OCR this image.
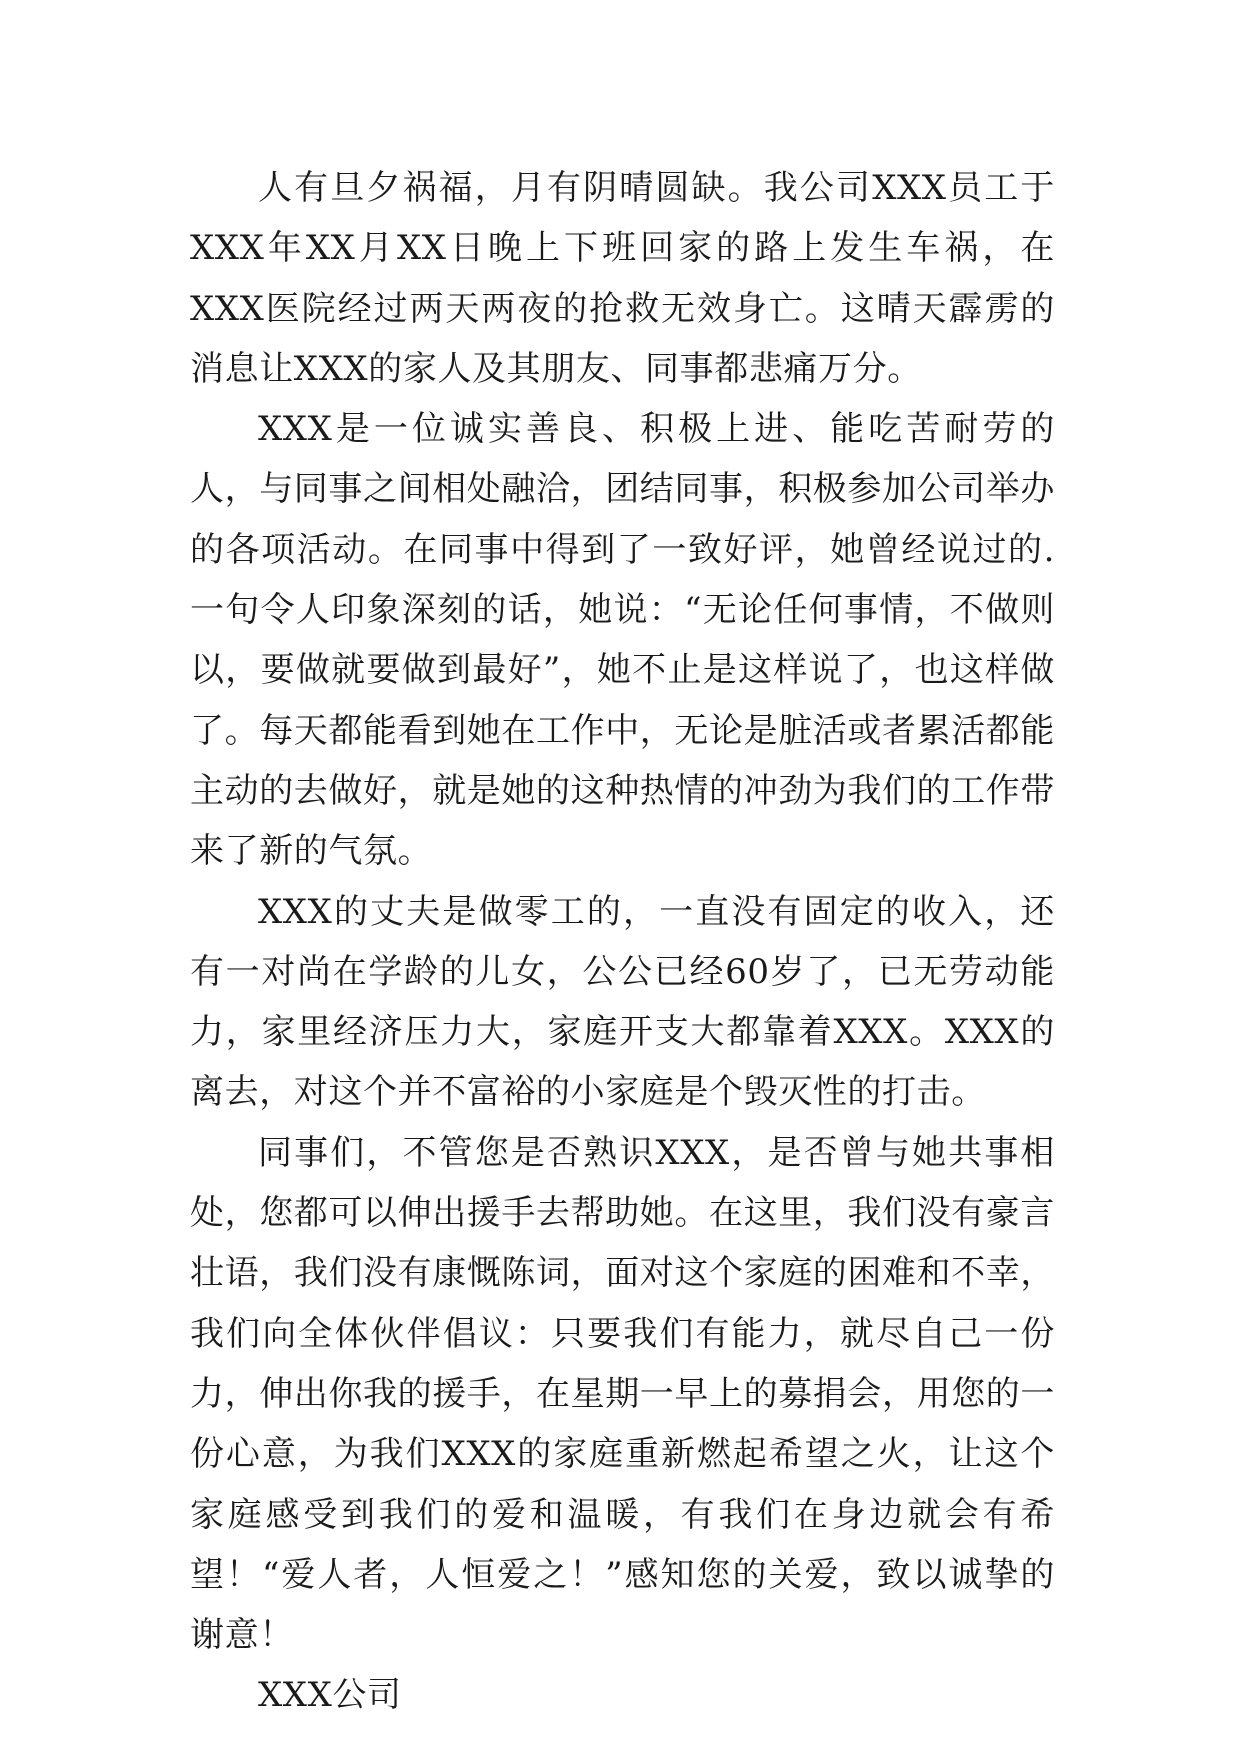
人有旦夕祸福，月有阴晴圆缺。我公司XXX员工于XXX年XX月XX日晚上下班回家的路上发生车祸，在XXX医院经过两天两夜的抢救无效身亡。这晴天霹雳的消息让XXX的家人及其朋友、同事都悲痛万分。

XXX是一位诚实善良、积极上进、能吃苦耐劳的人，与同事之间相处融洽，团结同事，积极参加公司举办的各项活动。在同事中得到了一致好评，她曾经说过的.一句令人印象深刻的话，她说：“无论任何事情，不做则以，要做就要做到最好”，她不止是这样说了，也这样做了。每天都能看到她在工作中，无论是脏活或者累活都能主动的去做好，就是她的这种热情的冲劲为我们的工作带来了新的气氛。

XXX的丈夫是做零工的，一直没有固定的收入，还有一对尚在学龄的儿女，公公已经60岁了，已无劳动能力，家里经济压力大，家庭开支大都靠着XXX。XXX的离去，对这个并不富裕的小家庭是个毁灭性的打击。

同事们，不管您是否熟识XXX，是否曾与她共事相处，您都可以伸出援手去帮助她。在这里，我们没有豪言壮语，我们没有康慨陈词，面对这个家庭的困难和不幸，我们向全体伙伴倡议：只要我们有能力，就尽自己一份力，伸出你我的援手，在星期一早上的募捐会，用您的一份心意，为我们XXX的家庭重新燃起希望之火，让这个家庭感受到我们的爱和温暖，有我们在身边就会有希望！“爱人者，人恒爱之！”感知您的关爱，致以诚挚的谢意！

XXX公司
